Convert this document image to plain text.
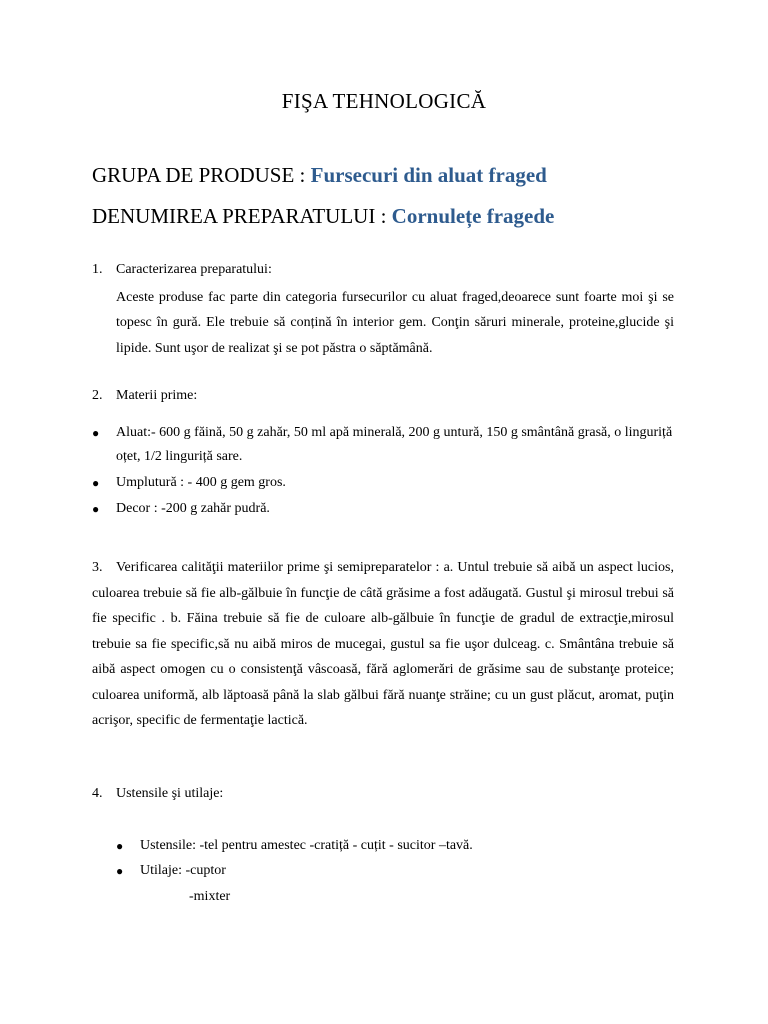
FIŞA TEHNOLOGICĂ
GRUPA DE PRODUSE : Fursecuri din aluat fraged
DENUMIREA PREPARATULUI : Cornulețe fragede
1. Caracterizarea preparatului:
Aceste produse fac parte din categoria fursecurilor cu aluat fraged,deoarece sunt foarte moi şi se topesc în gură. Ele trebuie să conțină în interior gem. Conţin săruri minerale, proteine,glucide şi lipide. Sunt uşor de realizat şi se pot păstra o săptămână.
2. Materii prime:
●	Aluat:- 600 g făină, 50 g zahăr, 50 ml apă minerală, 200 g untură, 150 g smântână grasă, o linguriță oțet, 1/2 linguriță sare.
●	Umplutură : - 400 g gem gros.
●	Decor : -200 g zahăr pudră.
3. Verificarea calităţii materiilor prime şi semipreparatelor : a. Untul trebuie să aibă un aspect lucios, culoarea trebuie să fie alb-gălbuie în funcţie de câtă grăsime a fost adăugată. Gustul şi mirosul trebui să fie specific . b. Făina trebuie să fie de culoare alb-gălbuie în funcţie de gradul de extracţie,mirosul trebuie sa fie specific,să nu aibă miros de mucegai, gustul sa fie uşor dulceag. c. Smântâna trebuie să aibă aspect omogen cu o consistenţă vâscoasă, fără aglomerări de grăsime sau de substanţe proteice; culoarea uniformă, alb lăptoasă până la slab gălbui fără nuanţe străine; cu un gust plăcut, aromat, puţin acrişor, specific de fermentaţie lactică.
4. Ustensile şi utilaje:
●	Ustensile: -tel pentru amestec -cratiță - cuțit - sucitor –tavă.
●	Utilaje: -cuptor
-mixter
